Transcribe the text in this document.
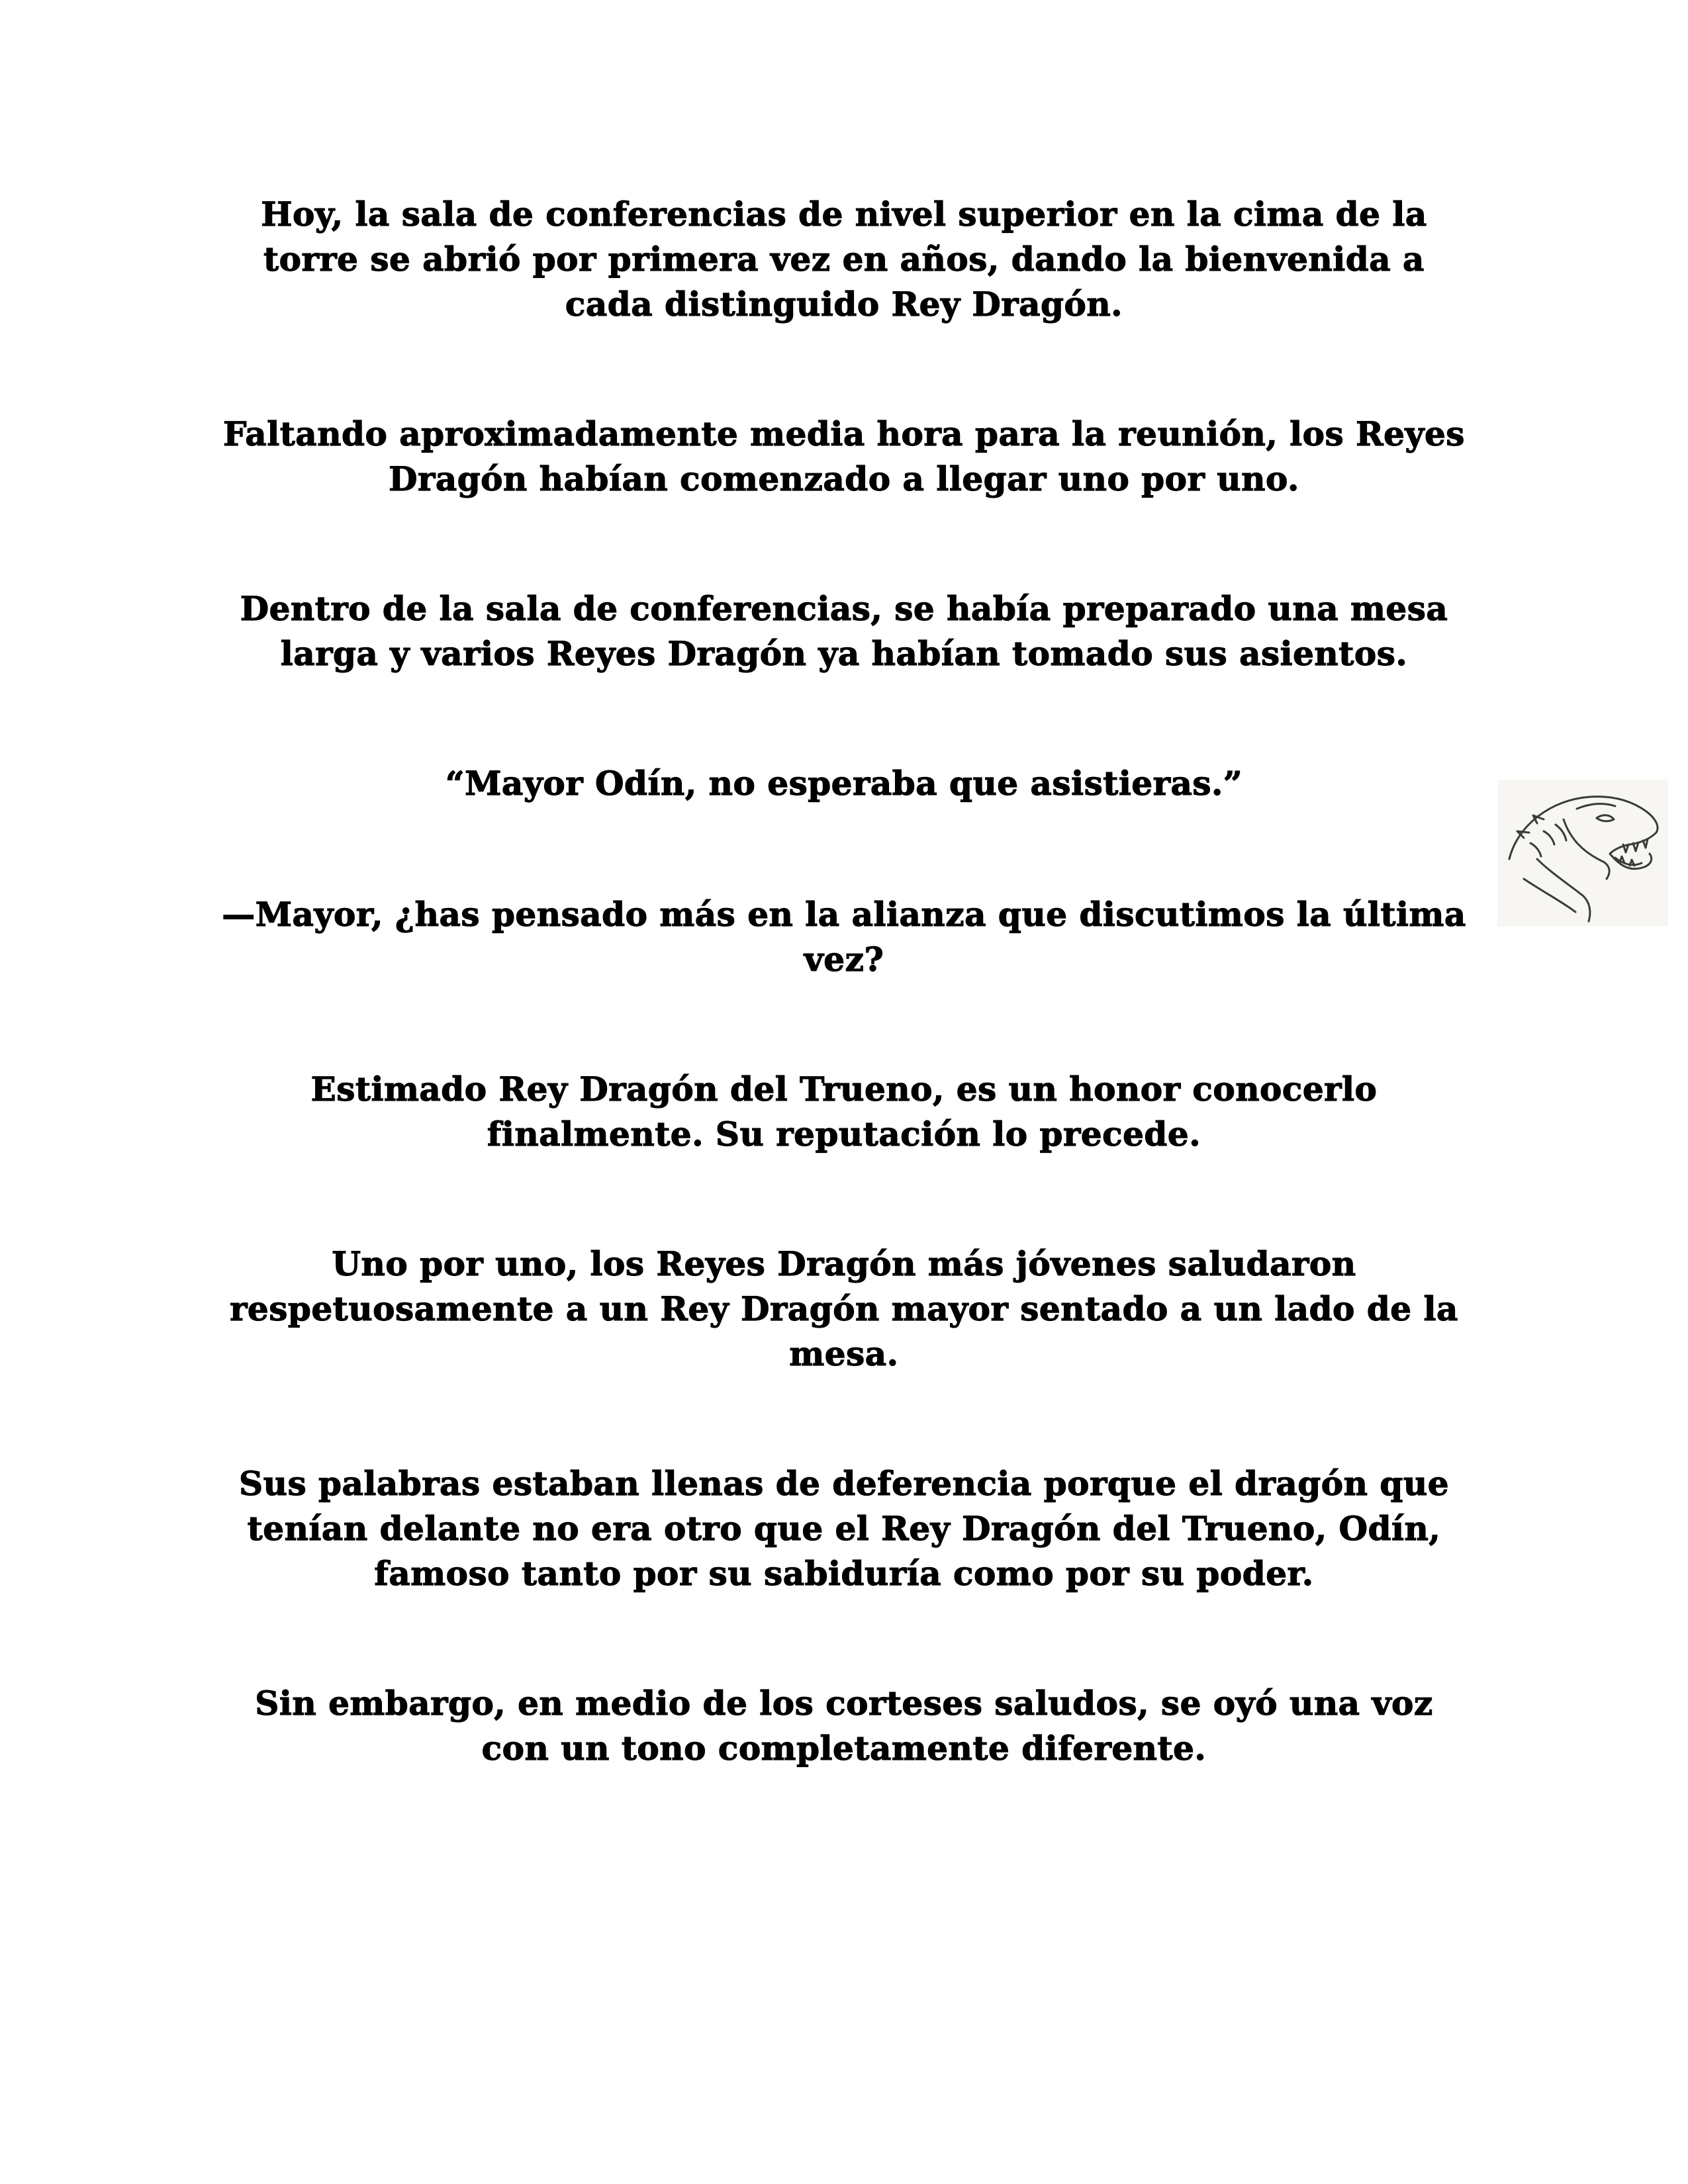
Hoy, la sala de conferencias de nivel superior en la cima de la torre se abrió por primera vez en años, dando la bienvenida a cada distinguido Rey Dragón.

Faltando aproximadamente media hora para la reunión, los Reyes Dragón habían comenzado a llegar uno por uno.

Dentro de la sala de conferencias, se había preparado una mesa larga y varios Reyes Dragón ya habían tomado sus asientos.

“Mayor Odín, no esperaba que asistieras.”

—Mayor, ¿has pensado más en la alianza que discutimos la última vez?

Estimado Rey Dragón del Trueno, es un honor conocerlo finalmente. Su reputación lo precede.

Uno por uno, los Reyes Dragón más jóvenes saludaron respetuosamente a un Rey Dragón mayor sentado a un lado de la mesa.

Sus palabras estaban llenas de deferencia porque el dragón que tenían delante no era otro que el Rey Dragón del Trueno, Odín, famoso tanto por su sabiduría como por su poder.

Sin embargo, en medio de los corteses saludos, se oyó una voz con un tono completamente diferente.
